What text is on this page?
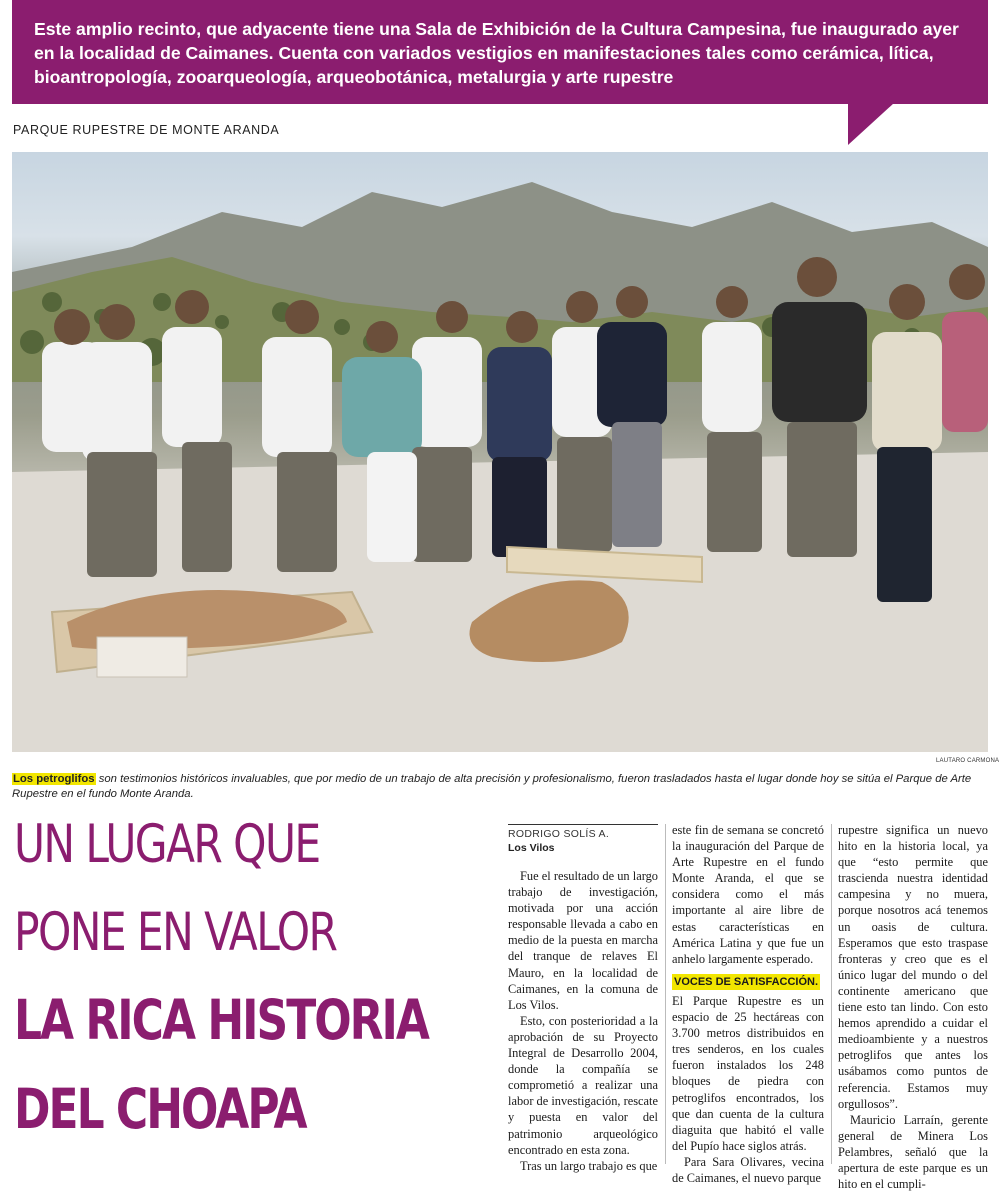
Este amplio recinto, que adyacente tiene una Sala de Exhibición de la Cultura Campesina, fue inaugurado ayer en la localidad de Caimanes. Cuenta con variados vestigios en manifestaciones tales como cerámica, lítica, bioantropología, zooarqueología, arqueobotánica, metalurgia y arte rupestre
PARQUE RUPESTRE DE MONTE ARANDA
LAUTARO CARMONA
Los petroglifos son testimonios históricos invaluables, que por medio de un trabajo de alta precisión y profesionalismo, fueron trasladados hasta el lugar donde hoy se sitúa el Parque de Arte Rupestre en el fundo Monte Aranda.
UN LUGAR QUE
PONE EN VALOR
LA RICA HISTORIA
DEL CHOAPA
RODRIGO SOLÍS A.
Los Vilos

Fue el resultado de un largo trabajo de investigación, motivada por una acción responsable llevada a cabo en medio de la puesta en marcha del tranque de relaves El Mauro, en la localidad de Caimanes, en la comuna de Los Vilos.

Esto, con posterioridad a la aprobación de su Proyecto Integral de Desarrollo 2004, donde la compañía se comprometió a realizar una labor de investigación, rescate y puesta en valor del patrimonio arqueológico encontrado en esta zona.

Tras un largo trabajo es que

este fin de semana se concretó la inauguración del Parque de Arte Rupestre en el fundo Monte Aranda, el que se considera como el más importante al aire libre de estas características en América Latina y que fue un anhelo largamente esperado.

VOCES DE SATISFACCIÓN.

El Parque Rupestre es un espacio de 25 hectáreas con 3.700 metros distribuidos en tres senderos, en los cuales fueron instalados los 248 bloques de piedra con petroglifos encontrados, los que dan cuenta de la cultura diaguita que habitó el valle del Pupío hace siglos atrás.

Para Sara Olivares, vecina de Caimanes, el nuevo parque

rupestre significa un nuevo hito en la historia local, ya que “esto permite que trascienda nuestra identidad campesina y no muera, porque nosotros acá tenemos un oasis de cultura. Esperamos que esto traspase fronteras y creo que es el único lugar del mundo o del continente americano que tiene esto tan lindo. Con esto hemos aprendido a cuidar el medioambiente y a nuestros petroglifos que antes los usábamos como puntos de referencia. Estamos muy orgullosos”.

Mauricio Larraín, gerente general de Minera Los Pelambres, señaló que la apertura de este parque es un hito en el cumpli-
